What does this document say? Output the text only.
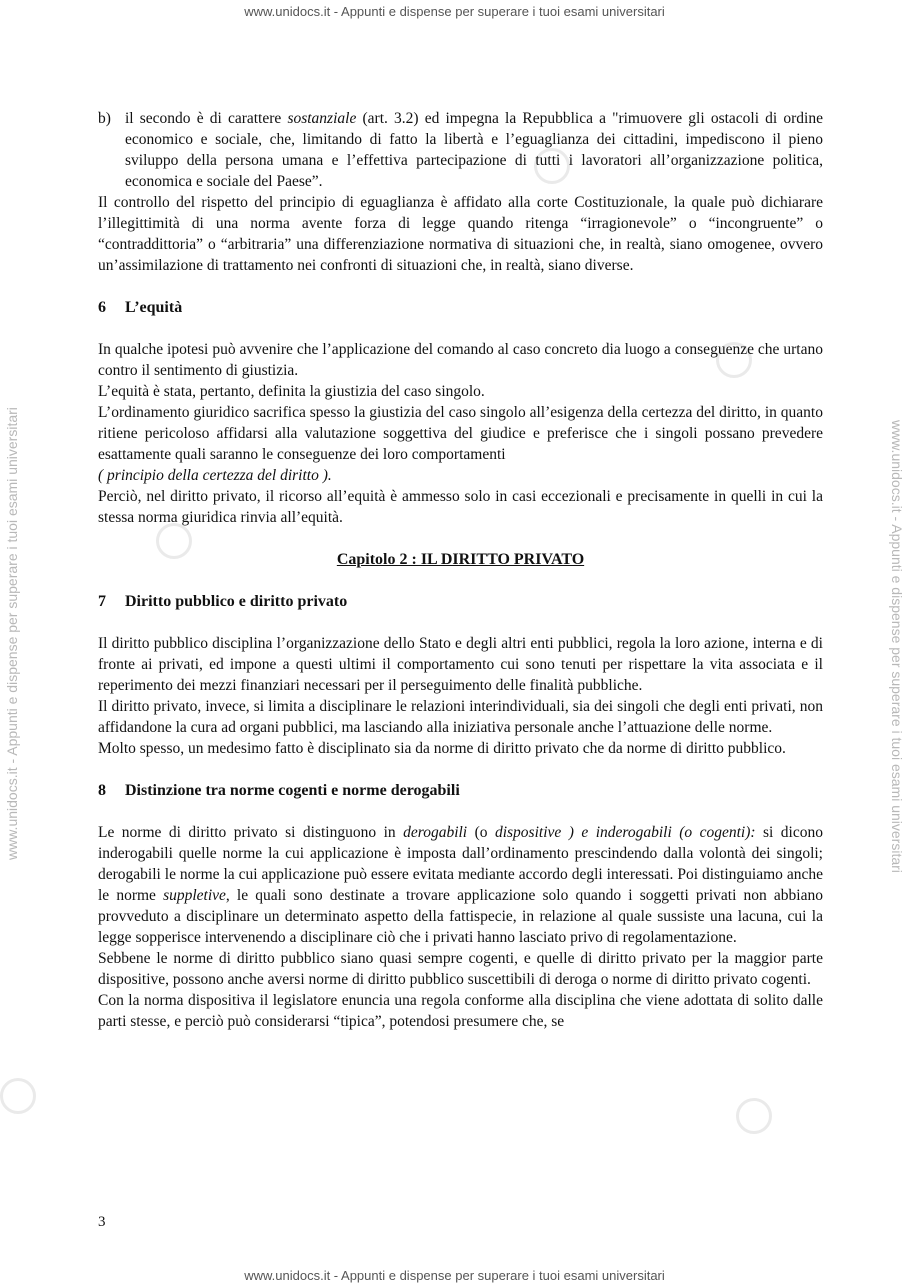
www.unidocs.it - Appunti e dispense per superare i tuoi esami universitari
www.unidocs.it - Appunti e dispense per superare i tuoi esami universitari	www.unidocs.it - Appunti e dispense per superare i tuoi esami universitari
b) il secondo è di carattere sostanziale (art. 3.2) ed impegna la Repubblica a "rimuovere gli ostacoli di ordine economico e sociale, che, limitando di fatto la libertà e l’eguaglianza dei cittadini, impediscono il pieno sviluppo della persona umana e l’effettiva partecipazione di tutti i lavoratori all’organizzazione politica, economica e sociale del Paese”.

Il controllo del rispetto del principio di eguaglianza è affidato alla corte Costituzionale, la quale può dichiarare l’illegittimità di una norma avente forza di legge quando ritenga “irragionevole” o “incongruente” o “contraddittoria” o “arbitraria” una differenziazione normativa di situazioni che, in realtà, siano omogenee, ovvero un’assimilazione di trattamento nei confronti di situazioni che, in realtà, siano diverse.

6 L’equità

In qualche ipotesi può avvenire che l’applicazione del comando al caso concreto dia luogo a conseguenze che urtano contro il sentimento di giustizia.

L’equità è stata, pertanto, definita la giustizia del caso singolo.

L’ordinamento giuridico sacrifica spesso la giustizia del caso singolo all’esigenza della certezza del diritto, in quanto ritiene pericoloso affidarsi alla valutazione soggettiva del giudice e preferisce che i singoli possano prevedere esattamente quali saranno le conseguenze dei loro comportamenti

( principio della certezza del diritto ).

Perciò, nel diritto privato, il ricorso all’equità è ammesso solo in casi eccezionali e precisamente in quelli in cui la stessa norma giuridica rinvia all’equità.

Capitolo 2 : IL DIRITTO PRIVATO
7 Diritto pubblico e diritto privato

Il diritto pubblico disciplina l’organizzazione dello Stato e degli altri enti pubblici, regola la loro azione, interna e di fronte ai privati, ed impone a questi ultimi il comportamento cui sono tenuti per rispettare la vita associata e il reperimento dei mezzi finanziari necessari per il perseguimento delle finalità pubbliche.

Il diritto privato, invece, si limita a disciplinare le relazioni interindividuali, sia dei singoli che degli enti privati, non affidandone la cura ad organi pubblici, ma lasciando alla iniziativa personale anche l’attuazione delle norme.

Molto spesso, un medesimo fatto è disciplinato sia da norme di diritto privato che da norme di diritto pubblico.

8 Distinzione tra norme cogenti e norme derogabili

Le norme di diritto privato si distinguono in derogabili (o dispositive ) e inderogabili (o cogenti): si dicono inderogabili quelle norme la cui applicazione è imposta dall’ordinamento prescindendo dalla volontà dei singoli; derogabili le norme la cui applicazione può essere evitata mediante accordo degli interessati. Poi distinguiamo anche le norme suppletive, le quali sono destinate a trovare applicazione solo quando i soggetti privati non abbiano provveduto a disciplinare un determinato aspetto della fattispecie, in relazione al quale sussiste una lacuna, cui la legge sopperisce intervenendo a disciplinare ciò che i privati hanno lasciato privo di regolamentazione.

Sebbene le norme di diritto pubblico siano quasi sempre cogenti, e quelle di diritto privato per la maggior parte dispositive, possono anche aversi norme di diritto pubblico suscettibili di deroga o norme di diritto privato cogenti.

Con la norma dispositiva il legislatore enuncia una regola conforme alla disciplina che viene adottata di solito dalle parti stesse, e perciò può considerarsi “tipica”, potendosi presumere che, se

3
www.unidocs.it - Appunti e dispense per superare i tuoi esami universitari
